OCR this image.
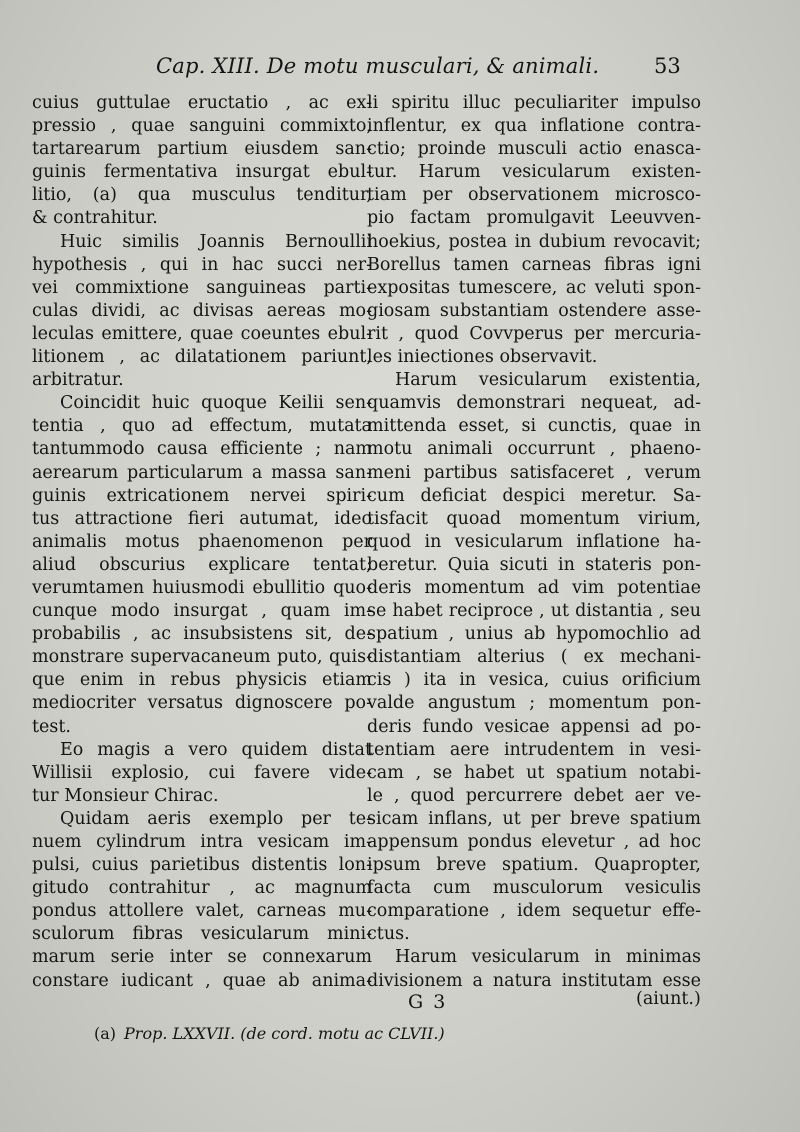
Cap. XIII. De motu musculari, & animali.	53
cuius guttulae eructatio , ac ex-
pressio , quae sanguini commixto,
tartarearum partium eiusdem san-
guinis fermentativa insurgat ebul-
litio, (a) qua musculus tenditur,
& contrahitur.
Huic similis Joannis Bernoullii
hypothesis , qui in hac succi ner-
vei commixtione sanguineas parti-
culas dividi, ac divisas aereas mo-
leculas emittere, quae coeuntes ebul-
litionem , ac dilatationem pariunt,
arbitratur.
Coincidit huic quoque Keilii sen-
tentia , quo ad effectum, mutata
tantummodo causa efficiente ; nam
aerearum particularum a massa san-
guinis extricationem nervei spiri-
tus attractione fieri autumat, ideo
animalis motus phaenomenon per
aliud obscurius explicare tentat;
verumtamen huiusmodi ebullitio quo-
cunque modo insurgat , quam im-
probabilis , ac insubsistens sit, de-
monstrare supervacaneum puto, quis-
que enim in rebus physicis etiam
mediocriter versatus dignoscere po-
test.
Eo magis a vero quidem distat
Willisii explosio, cui favere vide-
tur Monsieur Chirac.
Quidam aeris exemplo per te-
nuem cylindrum intra vesicam im-
pulsi, cuius parietibus distentis lon-
gitudo contrahitur , ac magnum
pondus attollere valet, carneas mu-
sculorum fibras vesicularum mini-
marum serie inter se connexarum
constare iudicant , quae ab anima-
li spiritu illuc peculiariter impulso
inflentur, ex qua inflatione contra-
ctio; proinde musculi actio enasca-
tur. Harum vesicularum existen-
tiam per observationem microsco-
pio factam promulgavit Leeuvven-
hoekius, postea in dubium revocavit;
Borellus tamen carneas fibras igni
expositas tumescere, ac veluti spon-
giosam substantiam ostendere asse-
rit , quod Covvperus per mercuria-
les iniectiones observavit.
Harum vesicularum existentia,
quamvis demonstrari nequeat, ad-
mittenda esset, si cunctis, quae in
motu animali occurrunt , phaeno-
meni partibus satisfaceret , verum
cum deficiat despici meretur. Sa-
tisfacit quoad momentum virium,
quod in vesicularum inflatione ha-
beretur. Quia sicuti in stateris pon-
deris momentum ad vim potentiae
se habet reciproce , ut distantia , seu
spatium , unius ab hypomochlio ad
distantiam alterius ( ex mechani-
cis ) ita in vesica, cuius orificium
valde angustum ; momentum pon-
deris fundo vesicae appensi ad po-
tentiam aere intrudentem in vesi-
cam , se habet ut spatium notabi-
le , quod percurrere debet aer ve-
sicam inflans, ut per breve spatium
appensum pondus elevetur , ad hoc
ipsum breve spatium. Quapropter,
facta cum musculorum vesiculis
comparatione , idem sequetur effe-
ctus.
Harum vesicularum in minimas
divisionem a natura institutam esse
G 3	(aiunt.)
(a) Prop. LXXVII. (de cord. motu ac CLVII.)
